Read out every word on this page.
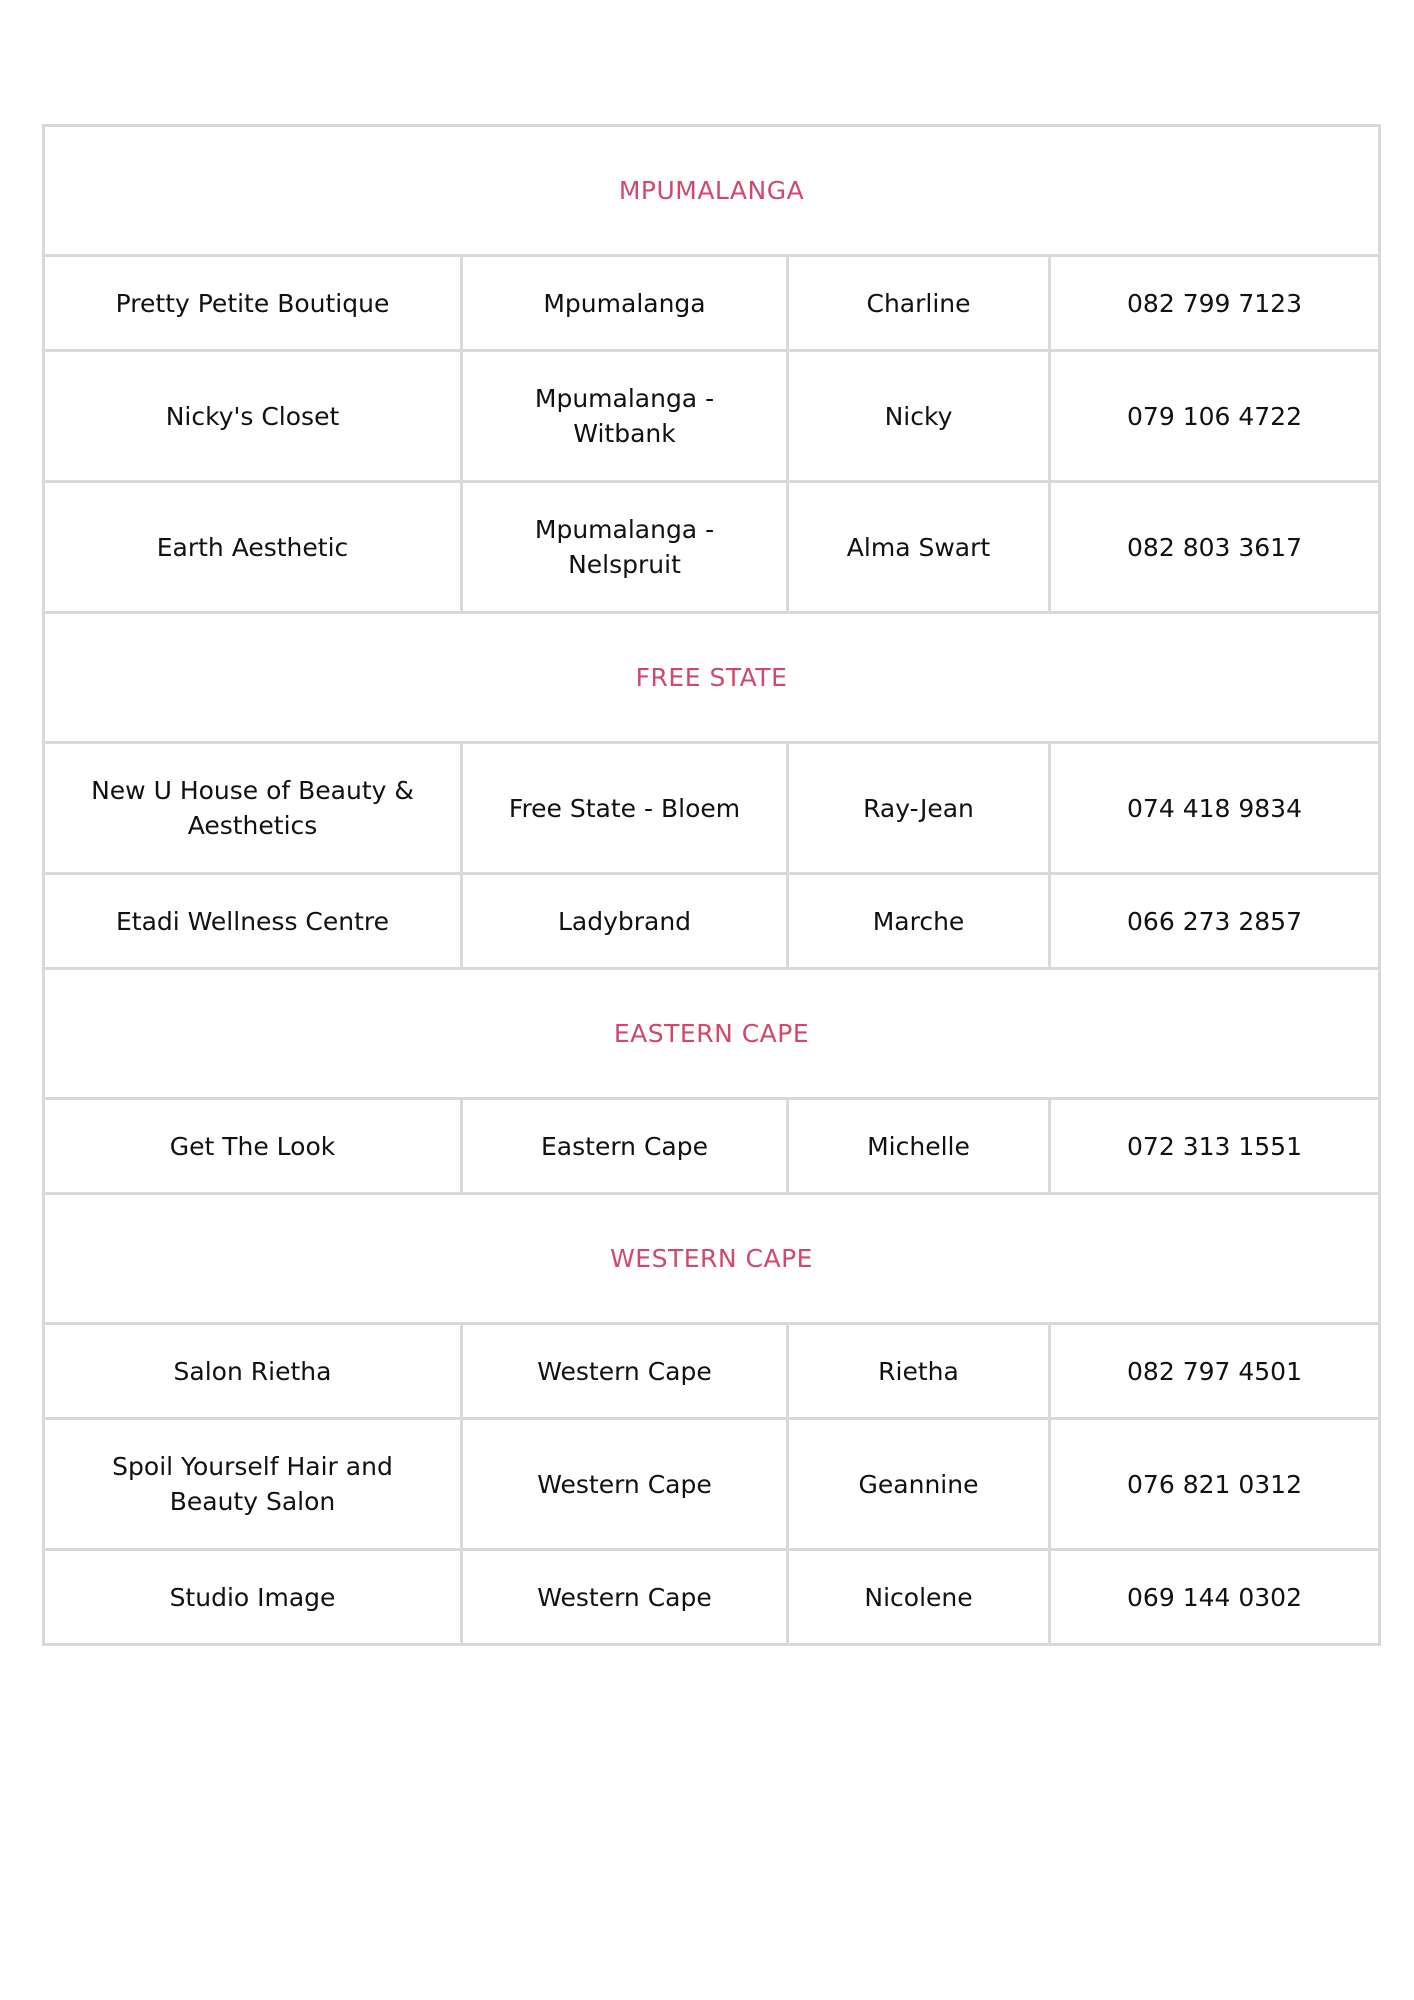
MPUMALANGA			
Pretty Petite Boutique	Mpumalanga	Charline	082 799 7123
Nicky's Closet	Mpumalanga - Witbank	Nicky	079 106 4722
Earth Aesthetic	Mpumalanga - Nelspruit	Alma Swart	082 803 3617
FREE STATE			
New U House of Beauty & Aesthetics	Free State - Bloem	Ray-Jean	074 418 9834
Etadi Wellness Centre	Ladybrand	Marche	066 273 2857
EASTERN CAPE			
Get The Look	Eastern Cape	Michelle	072 313 1551
WESTERN CAPE			
Salon Rietha	Western Cape	Rietha	082 797 4501
Spoil Yourself Hair and Beauty Salon	Western Cape	Geannine	076 821 0312
Studio Image	Western Cape	Nicolene	069 144 0302
